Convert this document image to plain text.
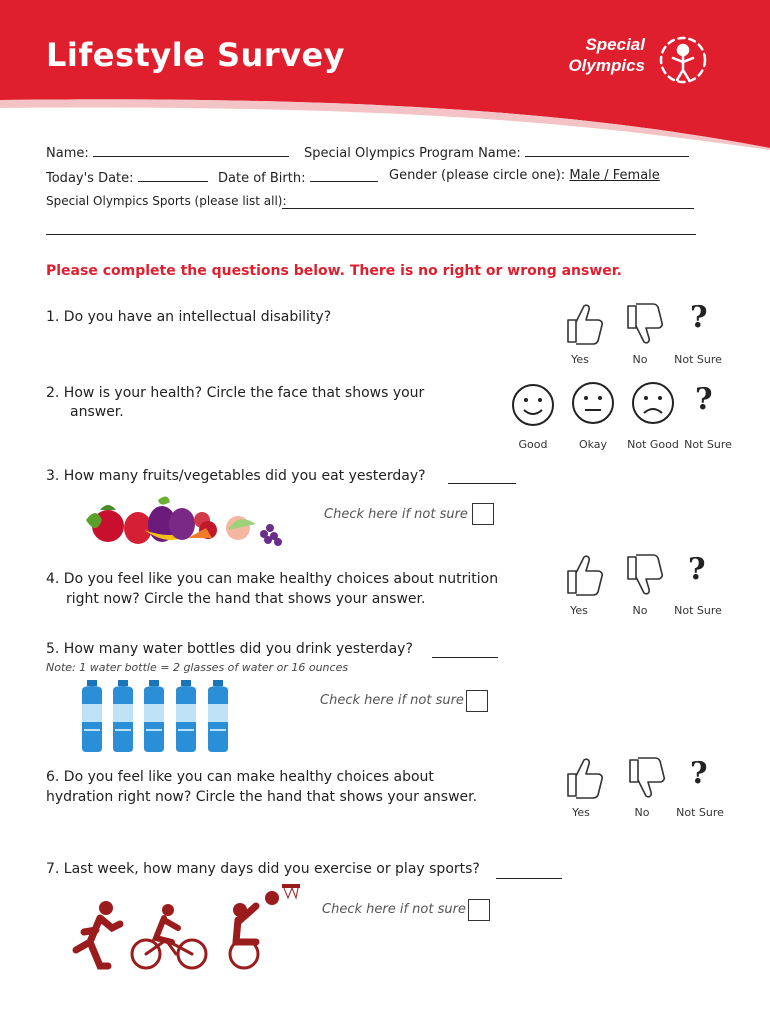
Lifestyle Survey	Special
Olympics
Name:	Special Olympics Program Name:
Today's Date:	Date of Birth:	Gender (please circle one): Male / Female
Special Olympics Sports (please list all):
Please complete the questions below. There is no right or wrong answer.
1. Do you have an intellectual disability?	?
Yes	No	Not Sure
2. How is your health? Circle the face that shows your
answer.	?
Good	Okay	Not Good Not Sure
3. How many fruits/vegetables did you eat yesterday?
Check here if not sure
4. Do you feel like you can make healthy choices about nutrition
right now? Circle the hand that shows your answer.
?
Yes	No	Not Sure
5. How many water bottles did you drink yesterday?
Note: 1 water bottle = 2 glasses of water or 16 ounces
Check here if not sure
6. Do you feel like you can make healthy choices about
hydration right now? Circle the hand that shows your answer.
?
Yes	No	Not Sure
7. Last week, how many days did you exercise or play sports?
Check here if not sure
